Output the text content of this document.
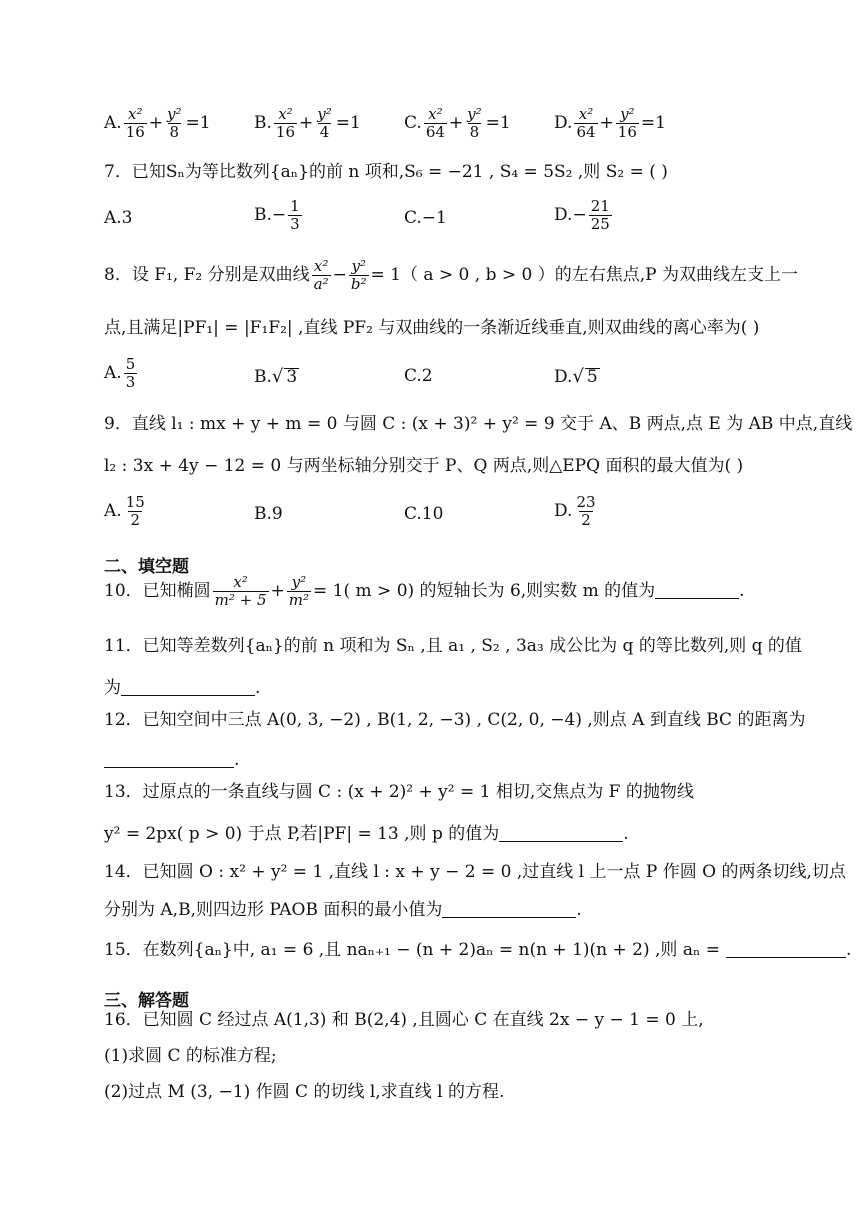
A. $\frac{\text{x²}}{16} + \frac{\text{y²}}{8} =1$	B. $\frac{\text{x²}}{16} + \frac{\text{y²}}{4} =1$	C. $\frac{\text{x²}}{64} + \frac{\text{y²}}{8} =1$	D. $\frac{\text{x²}}{64} + \frac{\text{y²}}{16} =1$
7．已知Sₙ为等比数列{aₙ}的前 n 项和,S₆ = −21 , S₄ = 5S₂ ,则 S₂ = ( )
A.3	B. − $\frac{1}{3}$	C.−1	D. − $\frac{21}{25}$
8．设 F₁, F₂ 分别是双曲线 $\frac{\text{x²}}{\text{a²}} - \frac{\text{y²}}{\text{b²}} = 1$（ a > 0 , b > 0 ）的左右焦点,P 为双曲线左支上一
点,且满足|PF₁| = |F₁F₂| ,直线 PF₂ 与双曲线的一条渐近线垂直,则双曲线的离心率为( )
A. $\frac{5}{3}$	B. √ 3	C.2	D. √ 5
9．直线 l₁ : mx + y + m = 0 与圆 C : (x + 3)² + y² = 9 交于 A、B 两点,点 E 为 AB 中点,直线
l₂ : 3x + 4y − 12 = 0 与两坐标轴分别交于 P、Q 两点,则△EPQ 面积的最大值为( )
A. $\frac{15}{2}$	B.9	C.10	D. $\frac{23}{2}$
二、填空题
10．已知椭圆 $\frac{\text{x²}}{\text{m² + 5}} + \frac{\text{y²}}{\text{m²}} = 1$( m > 0) 的短轴长为 6,则实数 m 的值为	.
11．已知等差数列{aₙ}的前 n 项和为 Sₙ ,且 a₁ , S₂ , 3a₃ 成公比为 q 的等比数列,则 q 的值
为	.
12．已知空间中三点 A(0, 3, −2) , B(1, 2, −3) , C(2, 0, −4) ,则点 A 到直线 BC 的距离为
.
13．过原点的一条直线与圆 C : (x + 2)² + y² = 1 相切,交焦点为 F 的抛物线
y² = 2px( p > 0) 于点 P,若|PF| = 13 ,则 p 的值为	.
14．已知圆 O : x² + y² = 1 ,直线 l : x + y − 2 = 0 ,过直线 l 上一点 P 作圆 O 的两条切线,切点
分别为 A,B,则四边形 PAOB 面积的最小值为	.
15．在数列{aₙ}中, a₁ = 6 ,且 naₙ₊₁ − (n + 2)aₙ = n(n + 1)(n + 2) ,则 aₙ =	.
三、解答题
16．已知圆 C 经过点 A(1,3) 和 B(2,4) ,且圆心 C 在直线 2x − y − 1 = 0 上,
(1)求圆 C 的标准方程;
(2)过点 M (3, −1) 作圆 C 的切线 l,求直线 l 的方程.
